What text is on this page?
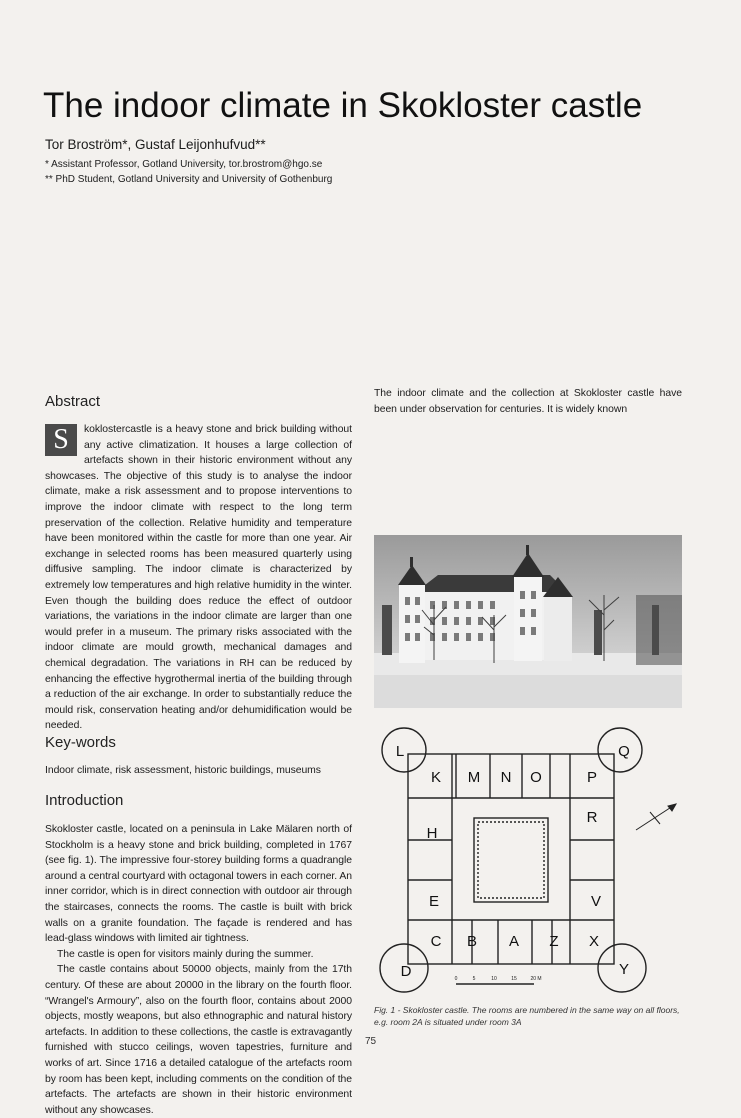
The indoor climate in Skokloster castle
Tor Broström*, Gustaf Leijonhufvud**
* Assistant Professor, Gotland University, tor.brostrom@hgo.se
** PhD Student, Gotland University and University of Gothenburg
Abstract
S	koklostercastle is a heavy stone and brick building without any active climatization. It houses a large collection of artefacts shown in their historic environment without any showcases. The objective of this study is to analyse the indoor climate, make a risk assessment and to propose interventions to improve the indoor climate with respect to the long term preservation of the collection. Relative humidity and temperature have been monitored within the castle for more than one year. Air exchange in selected rooms has been measured quarterly using diffusive sampling. The indoor climate is characterized by extremely low temperatures and high relative humidity in the winter. Even though the building does reduce the effect of outdoor variations, the variations in the indoor climate are larger than one would prefer in a museum. The primary risks associated with the indoor climate are mould growth, mechanical damages and chemical degradation. The variations in RH can be reduced by enhancing the effective hygrothermal inertia of the building through a reduction of the air exchange. In order to substantially reduce the mould risk, conservation heating and/or dehumidification would be needed.
Key-words
Indoor climate, risk assessment, historic buildings, museums
Introduction

Skokloster castle, located on a peninsula in Lake Mälaren north of Stockholm is a heavy stone and brick building, completed in 1767 (see fig. 1). The impressive four-storey building forms a quadrangle around a central courtyard with octagonal towers in each corner. An inner corridor, which is in direct connection with outdoor air through the staircases, connects the rooms. The castle is built with brick walls on a granite foundation. The façade is rendered and has lead-glass windows with limited air tightness.

The castle is open for visitors mainly during the summer.

The castle contains about 50000 objects, mainly from the 17th century. Of these are about 20000 in the library on the fourth floor. “Wrangel's Armoury”, also on the fourth floor, contains about 2000 objects, mostly weapons, but also ethnographic and natural history artefacts. In addition to these collections, the castle is extravagantly furnished with stucco ceilings, woven tapestries, furniture and works of art. Since 1716 a detailed catalogue of the artefacts room by room has been kept, including comments on the condition of the artefacts. The artefacts are shown in their historic environment without any showcases.

The indoor climate and the collection at Skokloster castle have been under observation for centuries. It is widely known

L	Q
K M N O	P
R
H
E	V
C B A Z X
D	Y
0	5	10	15	20 M
Fig. 1 - Skokloster castle. The rooms are numbered in the same way on all floors, e.g. room 2A is situated under room 3A
75
